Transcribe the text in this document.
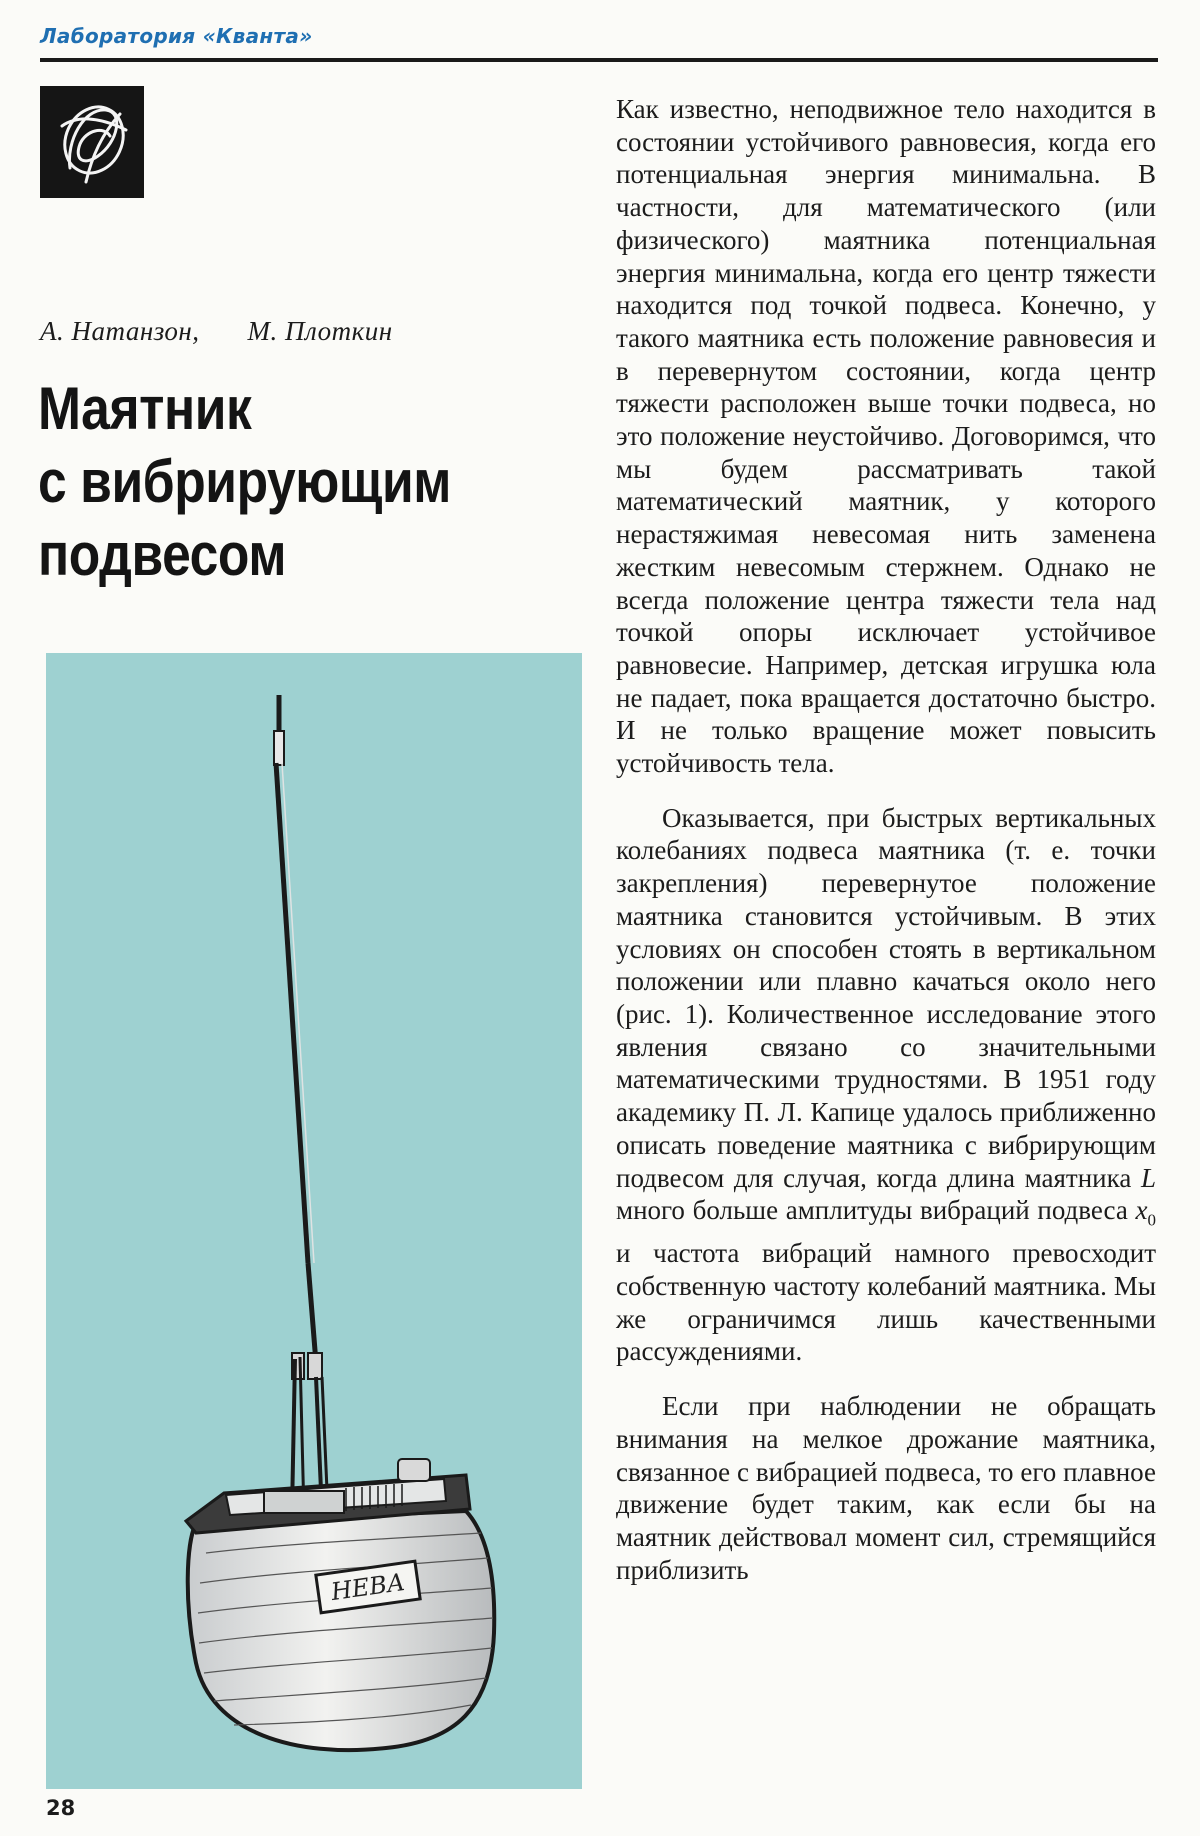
Лаборатория «Кванта»
А. Натанзон, М. Плоткин
Маятник
с вибрирующим
подвесом
НЕВА

Как известно, неподвижное тело находится в состоянии устойчивого равновесия, когда его потенциальная энергия минимальна. В частности, для математического (или физического) маятника потенциальная энергия минимальна, когда его центр тяжести находится под точкой подвеса. Конечно, у такого маятника есть положение равновесия и в перевернутом состоянии, когда центр тяжести расположен выше точки подвеса, но это положение неустойчиво. Договоримся, что мы будем рассматривать такой математический маятник, у которого нерастяжимая невесомая нить заменена жестким невесомым стержнем. Однако не всегда положение центра тяжести тела над точкой опоры исключает устойчивое равновесие. Например, детская игрушка юла не падает, пока вращается достаточно быстро. И не только вращение может повысить устойчивость тела.

Оказывается, при быстрых вертикальных колебаниях подвеса маятника (т. е. точки закрепления) перевернутое положение маятника становится устойчивым. В этих условиях он способен стоять в вертикальном положении или плавно качаться около него (рис. 1). Количественное исследование этого явления связано со значительными математическими трудностями. В 1951 году академику П. Л. Капице удалось приближенно описать поведение маятника с вибрирующим подвесом для случая, когда длина маятника L много больше амплитуды вибраций подвеса $x_0$ и частота вибраций намного превосходит собственную частоту колебаний маятника. Мы же ограничимся лишь качественными рассуждениями.

Если при наблюдении не обращать внимания на мелкое дрожание маятника, связанное с вибрацией подвеса, то его плавное движение будет таким, как если бы на маятник действовал момент сил, стремящийся приблизить

28
